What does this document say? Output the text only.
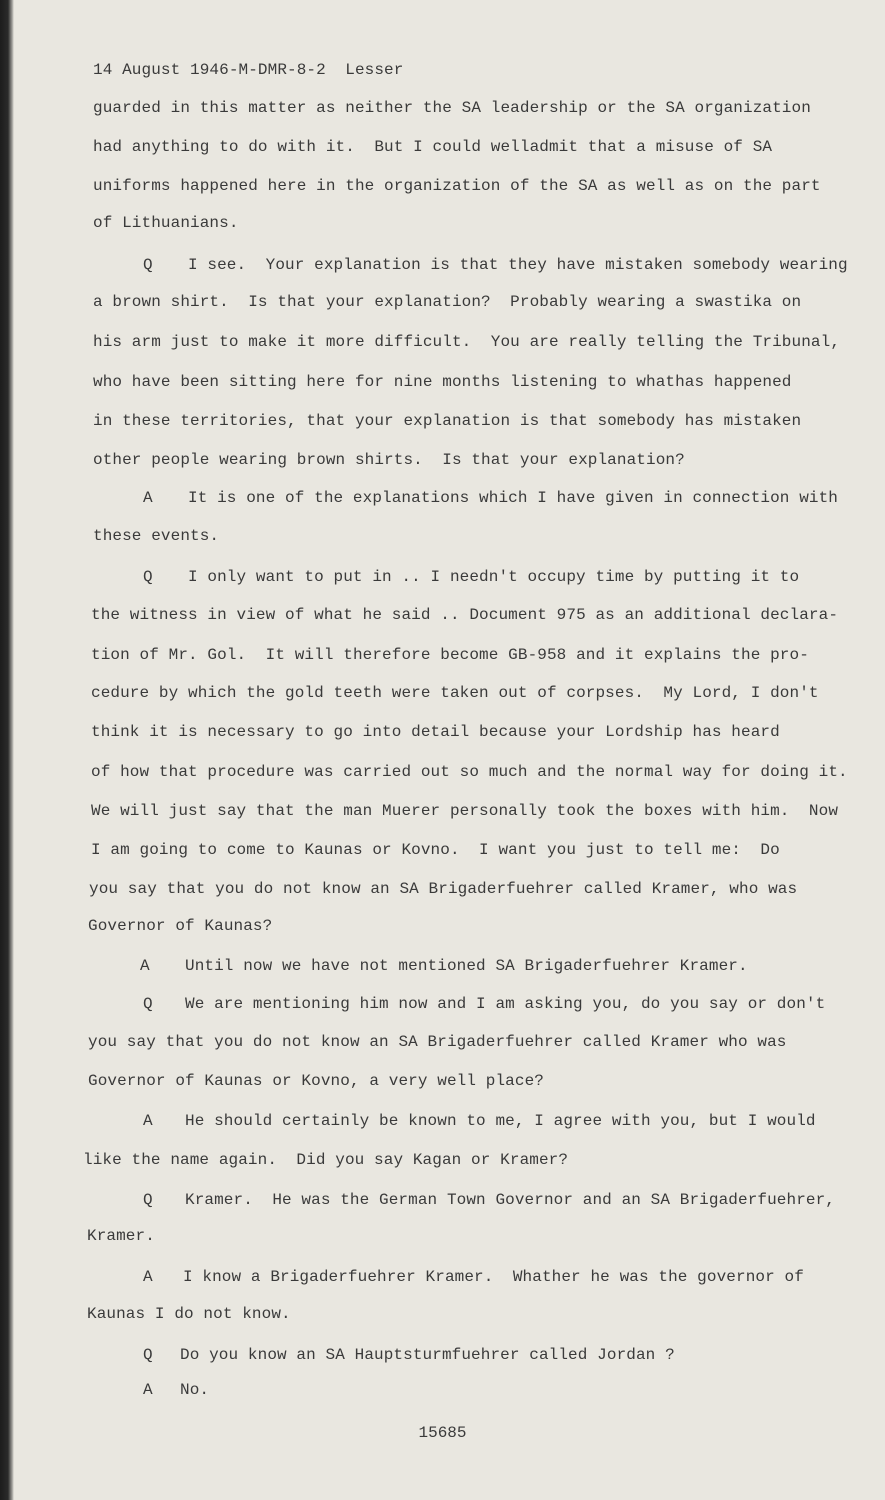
14 August 1946-M-DMR-8-2  Lesser
guarded in this matter as neither the SA leadership or the SA organization
had anything to do with it.  But I could welladmit that a misuse of SA
uniforms happened here in the organization of the SA as well as on the part
of Lithuanians.
Q I see.  Your explanation is that they have mistaken somebody wearing
a brown shirt.  Is that your explanation?  Probably wearing a swastika on
his arm just to make it more difficult.  You are really telling the Tribunal,
who have been sitting here for nine months listening to whathas happened
in these territories, that your explanation is that somebody has mistaken
other people wearing brown shirts.  Is that your explanation?
A It is one of the explanations which I have given in connection with
these events.
Q I only want to put in .. I needn't occupy time by putting it to
the witness in view of what he said .. Document 975 as an additional declara-
tion of Mr. Gol.  It will therefore become GB-958 and it explains the pro-
cedure by which the gold teeth were taken out of corpses.  My Lord, I don't
think it is necessary to go into detail because your Lordship has heard
of how that procedure was carried out so much and the normal way for doing it.
We will just say that the man Muerer personally took the boxes with him.  Now
I am going to come to Kaunas or Kovno.  I want you just to tell me:  Do
you say that you do not know an SA Brigaderfuehrer called Kramer, who was
Governor of Kaunas?
A Until now we have not mentioned SA Brigaderfuehrer Kramer.
Q We are mentioning him now and I am asking you, do you say or don't
you say that you do not know an SA Brigaderfuehrer called Kramer who was
Governor of Kaunas or Kovno, a very well place?
A He should certainly be known to me, I agree with you, but I would
like the name again.  Did you say Kagan or Kramer?
Q Kramer.  He was the German Town Governor and an SA Brigaderfuehrer,
Kramer.
A I know a Brigaderfuehrer Kramer.  Whather he was the governor of
Kaunas I do not know.
Q Do you know an SA Hauptsturmfuehrer called Jordan ?
A No.
15685
